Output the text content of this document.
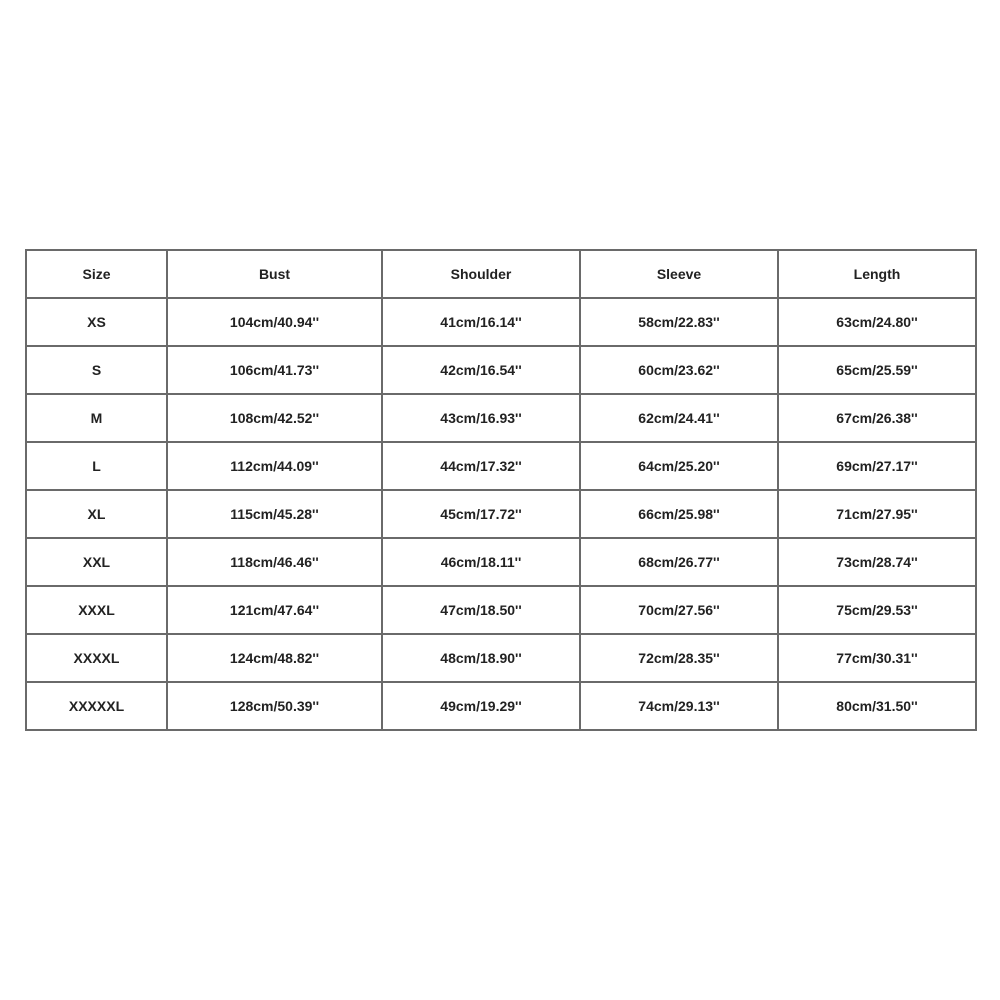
Size	Bust	Shoulder	Sleeve	Length
XS	104cm/40.94''	41cm/16.14''	58cm/22.83''	63cm/24.80''
S	106cm/41.73''	42cm/16.54''	60cm/23.62''	65cm/25.59''
M	108cm/42.52''	43cm/16.93''	62cm/24.41''	67cm/26.38''
L	112cm/44.09''	44cm/17.32''	64cm/25.20''	69cm/27.17''
XL	115cm/45.28''	45cm/17.72''	66cm/25.98''	71cm/27.95''
XXL	118cm/46.46''	46cm/18.11''	68cm/26.77''	73cm/28.74''
XXXL	121cm/47.64''	47cm/18.50''	70cm/27.56''	75cm/29.53''
XXXXL	124cm/48.82''	48cm/18.90''	72cm/28.35''	77cm/30.31''
XXXXXL	128cm/50.39''	49cm/19.29''	74cm/29.13''	80cm/31.50''
